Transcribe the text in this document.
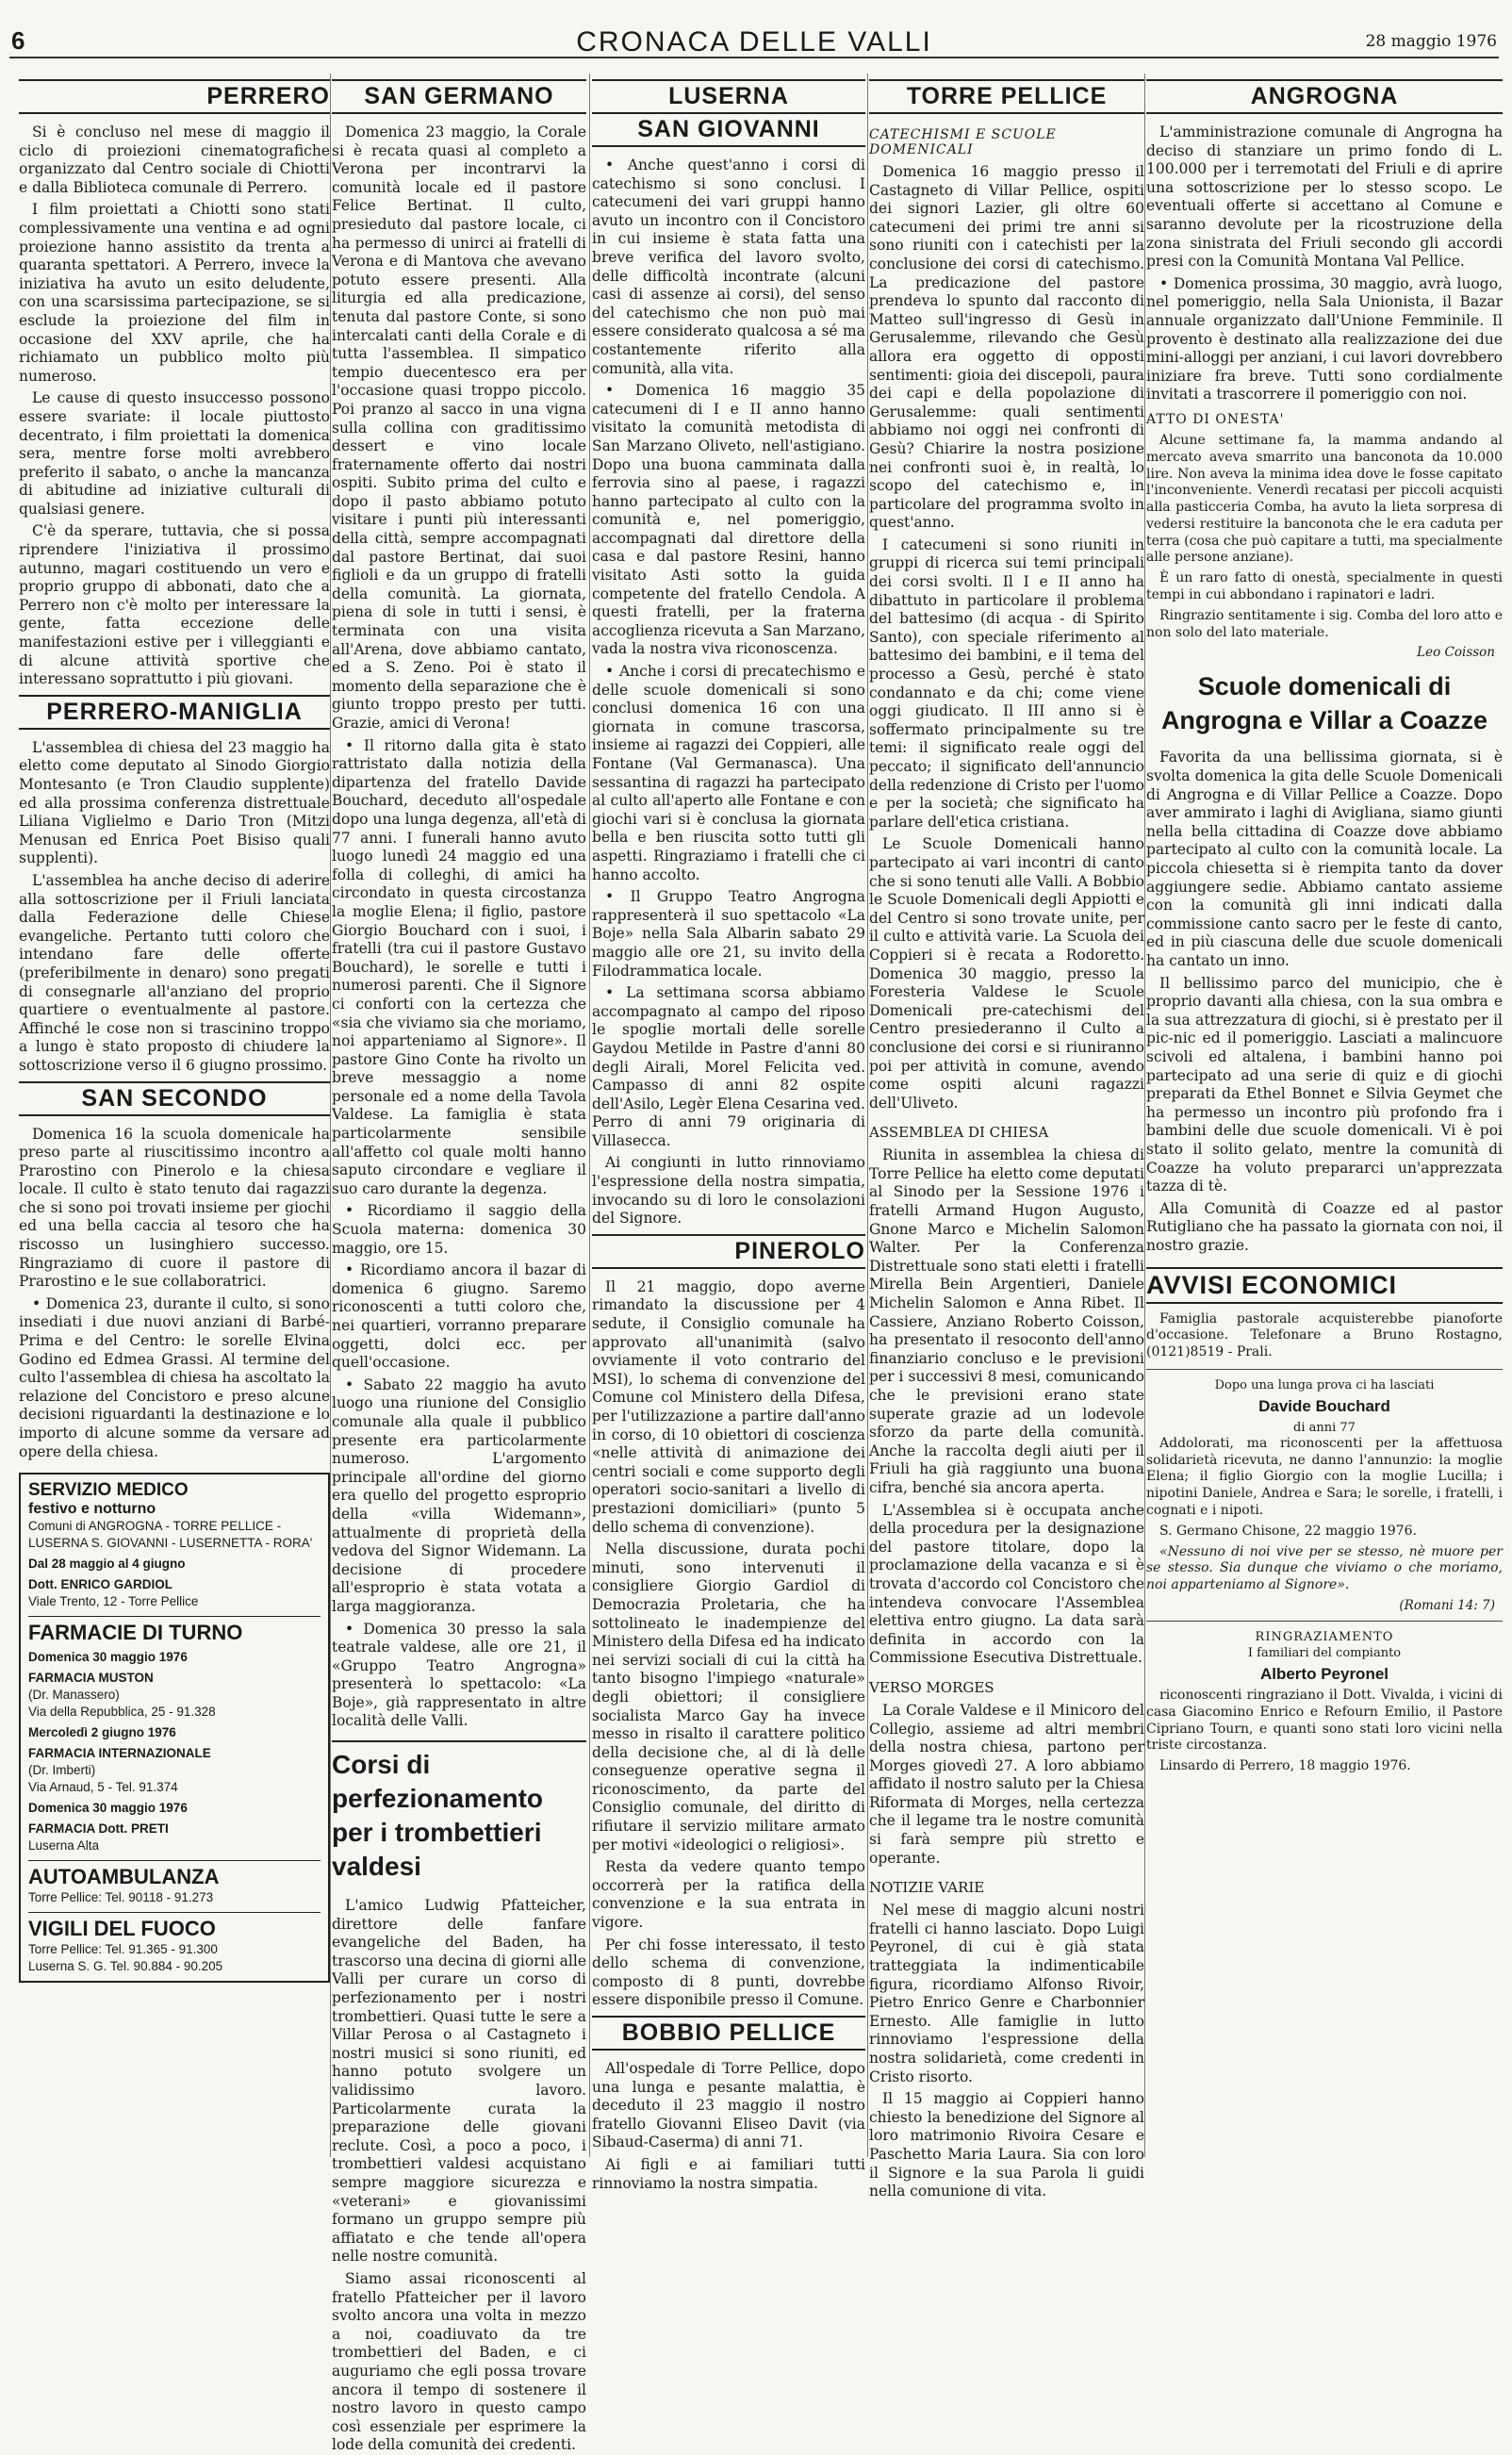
6	CRONACA DELLE VALLI	28 maggio 1976
PERRERO

Si è concluso nel mese di maggio il ciclo di proiezioni cinematografiche organizzato dal Centro sociale di Chiotti e dalla Biblioteca comunale di Perrero.

I film proiettati a Chiotti sono stati complessivamente una ventina e ad ogni proiezione hanno assistito da trenta a quaranta spettatori. A Perrero, invece la iniziativa ha avuto un esito deludente, con una scarsissima partecipazione, se si esclude la proiezione del film in occasione del XXV aprile, che ha richiamato un pubblico molto più numeroso.

Le cause di questo insuccesso possono essere svariate: il locale piuttosto decentrato, i film proiettati la domenica sera, mentre forse molti avrebbero preferito il sabato, o anche la mancanza di abitudine ad iniziative culturali di qualsiasi genere.

C'è da sperare, tuttavia, che si possa riprendere l'iniziativa il prossimo autunno, magari costituendo un vero e proprio gruppo di abbonati, dato che a Perrero non c'è molto per interessare la gente, fatta eccezione delle manifestazioni estive per i villeggianti e di alcune attività sportive che interessano soprattutto i più giovani.

PERRERO-MANIGLIA

L'assemblea di chiesa del 23 maggio ha eletto come deputato al Sinodo Giorgio Montesanto (e Tron Claudio supplente) ed alla prossima conferenza distrettuale Liliana Viglielmo e Dario Tron (Mitzi Menusan ed Enrica Poet Bisiso quali supplenti).

L'assemblea ha anche deciso di aderire alla sottoscrizione per il Friuli lanciata dalla Federazione delle Chiese evangeliche. Pertanto tutti coloro che intendano fare delle offerte (preferibilmente in denaro) sono pregati di consegnarle all'anziano del proprio quartiere o eventualmente al pastore. Affinché le cose non si trascinino troppo a lungo è stato proposto di chiudere la sottoscrizione verso il 6 giugno prossimo.

SAN SECONDO

Domenica 16 la scuola domenicale ha preso parte al riuscitissimo incontro a Prarostino con Pinerolo e la chiesa locale. Il culto è stato tenuto dai ragazzi che si sono poi trovati insieme per giochi ed una bella caccia al tesoro che ha riscosso un lusinghiero successo. Ringraziamo di cuore il pastore di Prarostino e le sue collaboratrici.

• Domenica 23, durante il culto, si sono insediati i due nuovi anziani di Barbé-Prima e del Centro: le sorelle Elvina Godino ed Edmea Grassi. Al termine del culto l'assemblea di chiesa ha ascoltato la relazione del Concistoro e preso alcune decisioni riguardanti la destinazione e lo importo di alcune somme da versare ad opere della chiesa.

SERVIZIO MEDICO
festivo e notturno
Comuni di ANGROGNA - TORRE PELLICE - LUSERNA S. GIOVANNI - LUSERNETTA - RORA'
Dal 28 maggio al 4 giugno
Dott. ENRICO GARDIOL
Viale Trento, 12 - Torre Pellice
FARMACIE DI TURNO
Domenica 30 maggio 1976
FARMACIA MUSTON
(Dr. Manassero)
Via della Repubblica, 25 - 91.328
Mercoledì 2 giugno 1976
FARMACIA INTERNAZIONALE
(Dr. Imberti)
Via Arnaud, 5 - Tel. 91.374
Domenica 30 maggio 1976
FARMACIA Dott. PRETI
Luserna Alta
AUTOAMBULANZA
Torre Pellice: Tel. 90118 - 91.273
VIGILI DEL FUOCO
Torre Pellice: Tel. 91.365 - 91.300
Luserna S. G. Tel. 90.884 - 90.205
SAN GERMANO

Domenica 23 maggio, la Corale si è recata quasi al completo a Verona per incontrarvi la comunità locale ed il pastore Felice Bertinat. Il culto, presieduto dal pastore locale, ci ha permesso di unirci ai fratelli di Verona e di Mantova che avevano potuto essere presenti. Alla liturgia ed alla predicazione, tenuta dal pastore Conte, si sono intercalati canti della Corale e di tutta l'assemblea. Il simpatico tempio duecentesco era per l'occasione quasi troppo piccolo. Poi pranzo al sacco in una vigna sulla collina con graditissimo dessert e vino locale fraternamente offerto dai nostri ospiti. Subito prima del culto e dopo il pasto abbiamo potuto visitare i punti più interessanti della città, sempre accompagnati dal pastore Bertinat, dai suoi figlioli e da un gruppo di fratelli della comunità. La giornata, piena di sole in tutti i sensi, è terminata con una visita all'Arena, dove abbiamo cantato, ed a S. Zeno. Poi è stato il momento della separazione che è giunto troppo presto per tutti. Grazie, amici di Verona!

• Il ritorno dalla gita è stato rattristato dalla notizia della dipartenza del fratello Davide Bouchard, deceduto all'ospedale dopo una lunga degenza, all'età di 77 anni. I funerali hanno avuto luogo lunedì 24 maggio ed una folla di colleghi, di amici ha circondato in questa circostanza la moglie Elena; il figlio, pastore Giorgio Bouchard con i suoi, i fratelli (tra cui il pastore Gustavo Bouchard), le sorelle e tutti i numerosi parenti. Che il Signore ci conforti con la certezza che «sia che viviamo sia che moriamo, noi apparteniamo al Signore». Il pastore Gino Conte ha rivolto un breve messaggio a nome personale ed a nome della Tavola Valdese. La famiglia è stata particolarmente sensibile all'affetto col quale molti hanno saputo circondare e vegliare il suo caro durante la degenza.

• Ricordiamo il saggio della Scuola materna: domenica 30 maggio, ore 15.

• Ricordiamo ancora il bazar di domenica 6 giugno. Saremo riconoscenti a tutti coloro che, nei quartieri, vorranno preparare oggetti, dolci ecc. per quell'occasione.

• Sabato 22 maggio ha avuto luogo una riunione del Consiglio comunale alla quale il pubblico presente era particolarmente numeroso. L'argomento principale all'ordine del giorno era quello del progetto esproprio della «villa Widemann», attualmente di proprietà della vedova del Signor Widemann. La decisione di procedere all'esproprio è stata votata a larga maggioranza.

• Domenica 30 presso la sala teatrale valdese, alle ore 21, il «Gruppo Teatro Angrogna» presenterà lo spettacolo: «La Boje», già rappresentato in altre località delle Valli.

Corsi di perfezionamento per i trombettieri valdesi

L'amico Ludwig Pfatteicher, direttore delle fanfare evangeliche del Baden, ha trascorso una decina di giorni alle Valli per curare un corso di perfezionamento per i nostri trombettieri. Quasi tutte le sere a Villar Perosa o al Castagneto i nostri musici si sono riuniti, ed hanno potuto svolgere un validissimo lavoro. Particolarmente curata la preparazione delle giovani reclute. Così, a poco a poco, i trombettieri valdesi acquistano sempre maggiore sicurezza e «veterani» e giovanissimi formano un gruppo sempre più affiatato e che tende all'opera nelle nostre comunità.

Siamo assai riconoscenti al fratello Pfatteicher per il lavoro svolto ancora una volta in mezzo a noi, coadiuvato da tre trombettieri del Baden, e ci auguriamo che egli possa trovare ancora il tempo di sostenere il nostro lavoro in questo campo così essenziale per esprimere la lode della comunità dei credenti.

LUSERNA
SAN GIOVANNI

• Anche quest'anno i corsi di catechismo si sono conclusi. I catecumeni dei vari gruppi hanno avuto un incontro con il Concistoro in cui insieme è stata fatta una breve verifica del lavoro svolto, delle difficoltà incontrate (alcuni casi di assenze ai corsi), del senso del catechismo che non può mai essere considerato qualcosa a sé ma costantemente riferito alla comunità, alla vita.

• Domenica 16 maggio 35 catecumeni di I e II anno hanno visitato la comunità metodista di San Marzano Oliveto, nell'astigiano. Dopo una buona camminata dalla ferrovia sino al paese, i ragazzi hanno partecipato al culto con la comunità e, nel pomeriggio, accompagnati dal direttore della casa e dal pastore Resini, hanno visitato Asti sotto la guida competente del fratello Cendola. A questi fratelli, per la fraterna accoglienza ricevuta a San Marzano, vada la nostra viva riconoscenza.

• Anche i corsi di precatechismo e delle scuole domenicali si sono conclusi domenica 16 con una giornata in comune trascorsa, insieme ai ragazzi dei Coppieri, alle Fontane (Val Germanasca). Una sessantina di ragazzi ha partecipato al culto all'aperto alle Fontane e con giochi vari si è conclusa la giornata bella e ben riuscita sotto tutti gli aspetti. Ringraziamo i fratelli che ci hanno accolto.

• Il Gruppo Teatro Angrogna rappresenterà il suo spettacolo «La Boje» nella Sala Albarin sabato 29 maggio alle ore 21, su invito della Filodrammatica locale.

• La settimana scorsa abbiamo accompagnato al campo del riposo le spoglie mortali delle sorelle Gaydou Metilde in Pastre d'anni 80 degli Airali, Morel Felicita ved. Campasso di anni 82 ospite dell'Asilo, Legèr Elena Cesarina ved. Perro di anni 79 originaria di Villasecca.

Ai congiunti in lutto rinnoviamo l'espressione della nostra simpatia, invocando su di loro le consolazioni del Signore.

PINEROLO

Il 21 maggio, dopo averne rimandato la discussione per 4 sedute, il Consiglio comunale ha approvato all'unanimità (salvo ovviamente il voto contrario del MSI), lo schema di convenzione del Comune col Ministero della Difesa, per l'utilizzazione a partire dall'anno in corso, di 10 obiettori di coscienza «nelle attività di animazione dei centri sociali e come supporto degli operatori socio-sanitari a livello di prestazioni domiciliari» (punto 5 dello schema di convenzione).

Nella discussione, durata pochi minuti, sono intervenuti il consigliere Giorgio Gardiol di Democrazia Proletaria, che ha sottolineato le inadempienze del Ministero della Difesa ed ha indicato nei servizi sociali di cui la città ha tanto bisogno l'impiego «naturale» degli obiettori; il consigliere socialista Marco Gay ha invece messo in risalto il carattere politico della decisione che, al di là delle conseguenze operative segna il riconoscimento, da parte del Consiglio comunale, del diritto di rifiutare il servizio militare armato per motivi «ideologici o religiosi».

Resta da vedere quanto tempo occorrerà per la ratifica della convenzione e la sua entrata in vigore.

Per chi fosse interessato, il testo dello schema di convenzione, composto di 8 punti, dovrebbe essere disponibile presso il Comune.

BOBBIO PELLICE

All'ospedale di Torre Pellice, dopo una lunga e pesante malattia, è deceduto il 23 maggio il nostro fratello Giovanni Eliseo Davit (via Sibaud-Caserma) di anni 71.

Ai figli e ai familiari tutti rinnoviamo la nostra simpatia.

TORRE PELLICE
CATECHISMI E SCUOLE DOMENICALI

Domenica 16 maggio presso il Castagneto di Villar Pellice, ospiti dei signori Lazier, gli oltre 60 catecumeni dei primi tre anni si sono riuniti con i catechisti per la conclusione dei corsi di catechismo. La predicazione del pastore prendeva lo spunto dal racconto di Matteo sull'ingresso di Gesù in Gerusalemme, rilevando che Gesù allora era oggetto di opposti sentimenti: gioia dei discepoli, paura dei capi e della popolazione di Gerusalemme: quali sentimenti abbiamo noi oggi nei confronti di Gesù? Chiarire la nostra posizione nei confronti suoi è, in realtà, lo scopo del catechismo e, in particolare del programma svolto in quest'anno.

I catecumeni si sono riuniti in gruppi di ricerca sui temi principali dei corsi svolti. Il I e II anno ha dibattuto in particolare il problema del battesimo (di acqua - di Spirito Santo), con speciale riferimento al battesimo dei bambini, e il tema del processo a Gesù, perché è stato condannato e da chi; come viene oggi giudicato. Il III anno si è soffermato principalmente su tre temi: il significato reale oggi del peccato; il significato dell'annuncio della redenzione di Cristo per l'uomo e per la società; che significato ha parlare dell'etica cristiana.

Le Scuole Domenicali hanno partecipato ai vari incontri di canto che si sono tenuti alle Valli. A Bobbio le Scuole Domenicali degli Appiotti e del Centro si sono trovate unite, per il culto e attività varie. La Scuola dei Coppieri si è recata a Rodoretto. Domenica 30 maggio, presso la Foresteria Valdese le Scuole Domenicali pre-catechismi del Centro presiederanno il Culto a conclusione dei corsi e si riuniranno poi per attività in comune, avendo come ospiti alcuni ragazzi dell'Uliveto.

ASSEMBLEA DI CHIESA

Riunita in assemblea la chiesa di Torre Pellice ha eletto come deputati al Sinodo per la Sessione 1976 i fratelli Armand Hugon Augusto, Gnone Marco e Michelin Salomon Walter. Per la Conferenza Distrettuale sono stati eletti i fratelli Mirella Bein Argentieri, Daniele Michelin Salomon e Anna Ribet. Il Cassiere, Anziano Roberto Coisson, ha presentato il resoconto dell'anno finanziario concluso e le previsioni per i successivi 8 mesi, comunicando che le previsioni erano state superate grazie ad un lodevole sforzo da parte della comunità. Anche la raccolta degli aiuti per il Friuli ha già raggiunto una buona cifra, benché sia ancora aperta.

L'Assemblea si è occupata anche della procedura per la designazione del pastore titolare, dopo la proclamazione della vacanza e si è trovata d'accordo col Concistoro che intendeva convocare l'Assemblea elettiva entro giugno. La data sarà definita in accordo con la Commissione Esecutiva Distrettuale.

VERSO MORGES

La Corale Valdese e il Minicoro del Collegio, assieme ad altri membri della nostra chiesa, partono per Morges giovedì 27. A loro abbiamo affidato il nostro saluto per la Chiesa Riformata di Morges, nella certezza che il legame tra le nostre comunità si farà sempre più stretto e operante.

NOTIZIE VARIE

Nel mese di maggio alcuni nostri fratelli ci hanno lasciato. Dopo Luigi Peyronel, di cui è già stata tratteggiata la indimenticabile figura, ricordiamo Alfonso Rivoir, Pietro Enrico Genre e Charbonnier Ernesto. Alle famiglie in lutto rinnoviamo l'espressione della nostra solidarietà, come credenti in Cristo risorto.

Il 15 maggio ai Coppieri hanno chiesto la benedizione del Signore al loro matrimonio Rivoira Cesare e Paschetto Maria Laura. Sia con loro il Signore e la sua Parola li guidi nella comunione di vita.

ANGROGNA

L'amministrazione comunale di Angrogna ha deciso di stanziare un primo fondo di L. 100.000 per i terremotati del Friuli e di aprire una sottoscrizione per lo stesso scopo. Le eventuali offerte si accettano al Comune e saranno devolute per la ricostruzione della zona sinistrata del Friuli secondo gli accordi presi con la Comunità Montana Val Pellice.

• Domenica prossima, 30 maggio, avrà luogo, nel pomeriggio, nella Sala Unionista, il Bazar annuale organizzato dall'Unione Femminile. Il provento è destinato alla realizzazione dei due mini-alloggi per anziani, i cui lavori dovrebbero iniziare fra breve. Tutti sono cordialmente invitati a trascorrere il pomeriggio con noi.

ATTO DI ONESTA'

Alcune settimane fa, la mamma andando al mercato aveva smarrito una banconota da 10.000 lire. Non aveva la minima idea dove le fosse capitato l'inconveniente. Venerdì recatasi per piccoli acquisti alla pasticceria Comba, ha avuto la lieta sorpresa di vedersi restituire la banconota che le era caduta per terra (cosa che può capitare a tutti, ma specialmente alle persone anziane).

È un raro fatto di onestà, specialmente in questi tempi in cui abbondano i rapinatori e ladri.

Ringrazio sentitamente i sig. Comba del loro atto e non solo del lato materiale.

Leo Coisson
Scuole domenicali di Angrogna e Villar a Coazze

Favorita da una bellissima giornata, si è svolta domenica la gita delle Scuole Domenicali di Angrogna e di Villar Pellice a Coazze. Dopo aver ammirato i laghi di Avigliana, siamo giunti nella bella cittadina di Coazze dove abbiamo partecipato al culto con la comunità locale. La piccola chiesetta si è riempita tanto da dover aggiungere sedie. Abbiamo cantato assieme con la comunità gli inni indicati dalla commissione canto sacro per le feste di canto, ed in più ciascuna delle due scuole domenicali ha cantato un inno.

Il bellissimo parco del municipio, che è proprio davanti alla chiesa, con la sua ombra e la sua attrezzatura di giochi, si è prestato per il pic-nic ed il pomeriggio. Lasciati a malincuore scivoli ed altalena, i bambini hanno poi partecipato ad una serie di quiz e di giochi preparati da Ethel Bonnet e Silvia Geymet che ha permesso un incontro più profondo fra i bambini delle due scuole domenicali. Vi è poi stato il solito gelato, mentre la comunità di Coazze ha voluto prepararci un'apprezzata tazza di tè.

Alla Comunità di Coazze ed al pastor Rutigliano che ha passato la giornata con noi, il nostro grazie.

AVVISI ECONOMICI

Famiglia pastorale acquisterebbe pianoforte d'occasione. Telefonare a Bruno Rostagno, (0121)8519 - Prali.

Dopo una lunga prova ci ha lasciati
Davide Bouchard
di anni 77

Addolorati, ma riconoscenti per la affettuosa solidarietà ricevuta, ne danno l'annunzio: la moglie Elena; il figlio Giorgio con la moglie Lucilla; i nipotini Daniele, Andrea e Sara; le sorelle, i fratelli, i cognati e i nipoti.

S. Germano Chisone, 22 maggio 1976.

«Nessuno di noi vive per se stesso, nè muore per se stesso. Sia dunque che viviamo o che moriamo, noi apparteniamo al Signore».

(Romani 14: 7)
RINGRAZIAMENTO
I familiari del compianto
Alberto Peyronel

riconoscenti ringraziano il Dott. Vivalda, i vicini di casa Giacomino Enrico e Refourn Emilio, il Pastore Cipriano Tourn, e quanti sono stati loro vicini nella triste circostanza.

Linsardo di Perrero, 18 maggio 1976.
